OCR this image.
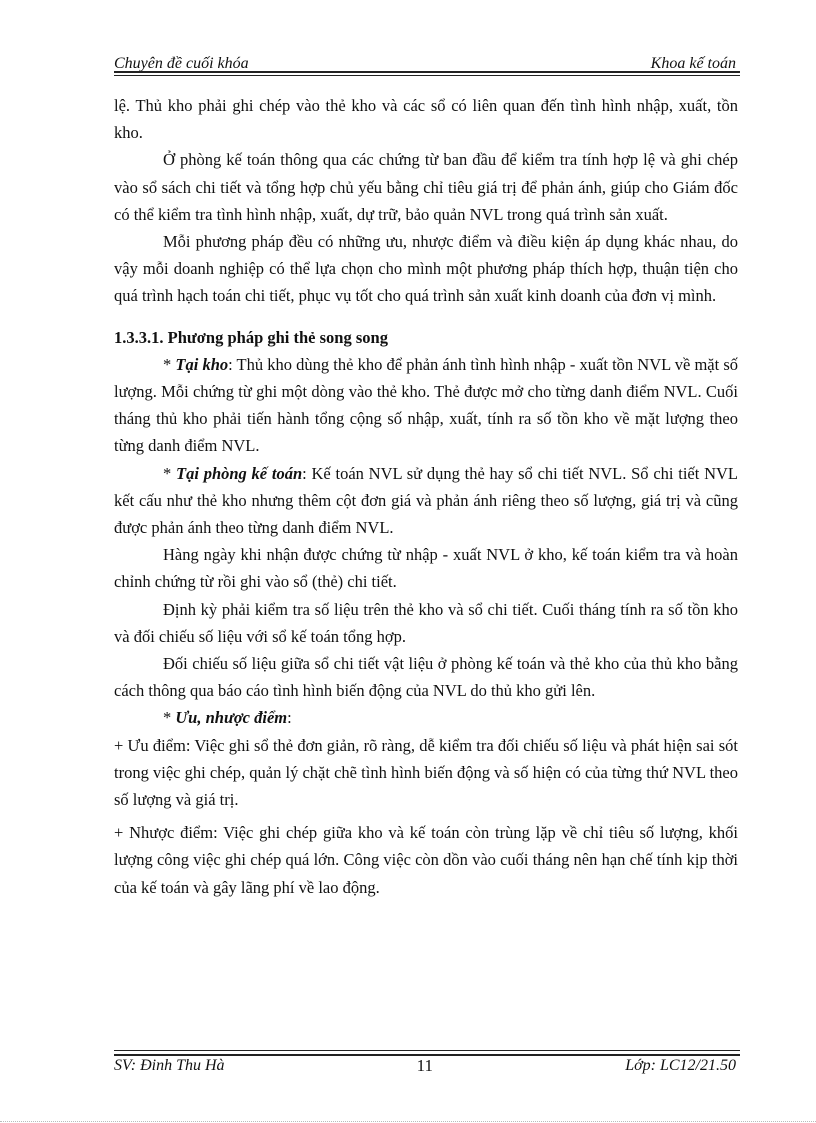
Chuyên đề cuối khóa	Khoa kế toán

lệ. Thủ kho phải ghi chép vào thẻ kho và các sổ có liên quan đến tình hình nhập, xuất, tồn kho.

Ở phòng kế toán thông qua các chứng từ ban đầu để kiểm tra tính hợp lệ và ghi chép vào sổ sách chi tiết và tổng hợp chủ yếu bằng chỉ tiêu giá trị để phản ánh, giúp cho Giám đốc có thể kiểm tra tình hình nhập, xuất, dự trữ, bảo quản NVL trong quá trình sản xuất.

Mỗi phương pháp đều có những ưu, nhược điểm và điều kiện áp dụng khác nhau, do vậy mỗi doanh nghiệp có thể lựa chọn cho mình một phương pháp thích hợp, thuận tiện cho quá trình hạch toán chi tiết, phục vụ tốt cho quá trình sản xuất kinh doanh của đơn vị mình.

1.3.3.1. Phương pháp ghi thẻ song song

* Tại kho: Thủ kho dùng thẻ kho để phản ánh tình hình nhập - xuất tồn NVL về mặt số lượng. Mỗi chứng từ ghi một dòng vào thẻ kho. Thẻ được mở cho từng danh điểm NVL. Cuối tháng thủ kho phải tiến hành tổng cộng số nhập, xuất, tính ra số tồn kho về mặt lượng theo từng danh điểm NVL.

* Tại phòng kế toán: Kế toán NVL sử dụng thẻ hay sổ chi tiết NVL. Sổ chi tiết NVL kết cấu như thẻ kho nhưng thêm cột đơn giá và phản ánh riêng theo số lượng, giá trị và cũng được phản ánh theo từng danh điểm NVL.

Hàng ngày khi nhận được chứng từ nhập - xuất NVL ở kho, kế toán kiểm tra và hoàn chỉnh chứng từ rồi ghi vào sổ (thẻ) chi tiết.

Định kỳ phải kiểm tra số liệu trên thẻ kho và sổ chi tiết. Cuối tháng tính ra số tồn kho và đối chiếu số liệu với sổ kế toán tổng hợp.

Đối chiếu số liệu giữa sổ chi tiết vật liệu ở phòng kế toán và thẻ kho của thủ kho bằng cách thông qua báo cáo tình hình biến động của NVL do thủ kho gửi lên.

* Ưu, nhược điểm:

+ Ưu điểm: Việc ghi sổ thẻ đơn giản, rõ ràng, dễ kiểm tra đối chiếu số liệu và phát hiện sai sót trong việc ghi chép, quản lý chặt chẽ tình hình biến động và số hiện có của từng thứ NVL theo số lượng và giá trị.

+ Nhược điểm: Việc ghi chép giữa kho và kế toán còn trùng lặp về chỉ tiêu số lượng, khối lượng công việc ghi chép quá lớn. Công việc còn dồn vào cuối tháng nên hạn chế tính kịp thời của kế toán và gây lãng phí về lao động.

SV: Đinh Thu Hà	11	Lớp: LC12/21.50
